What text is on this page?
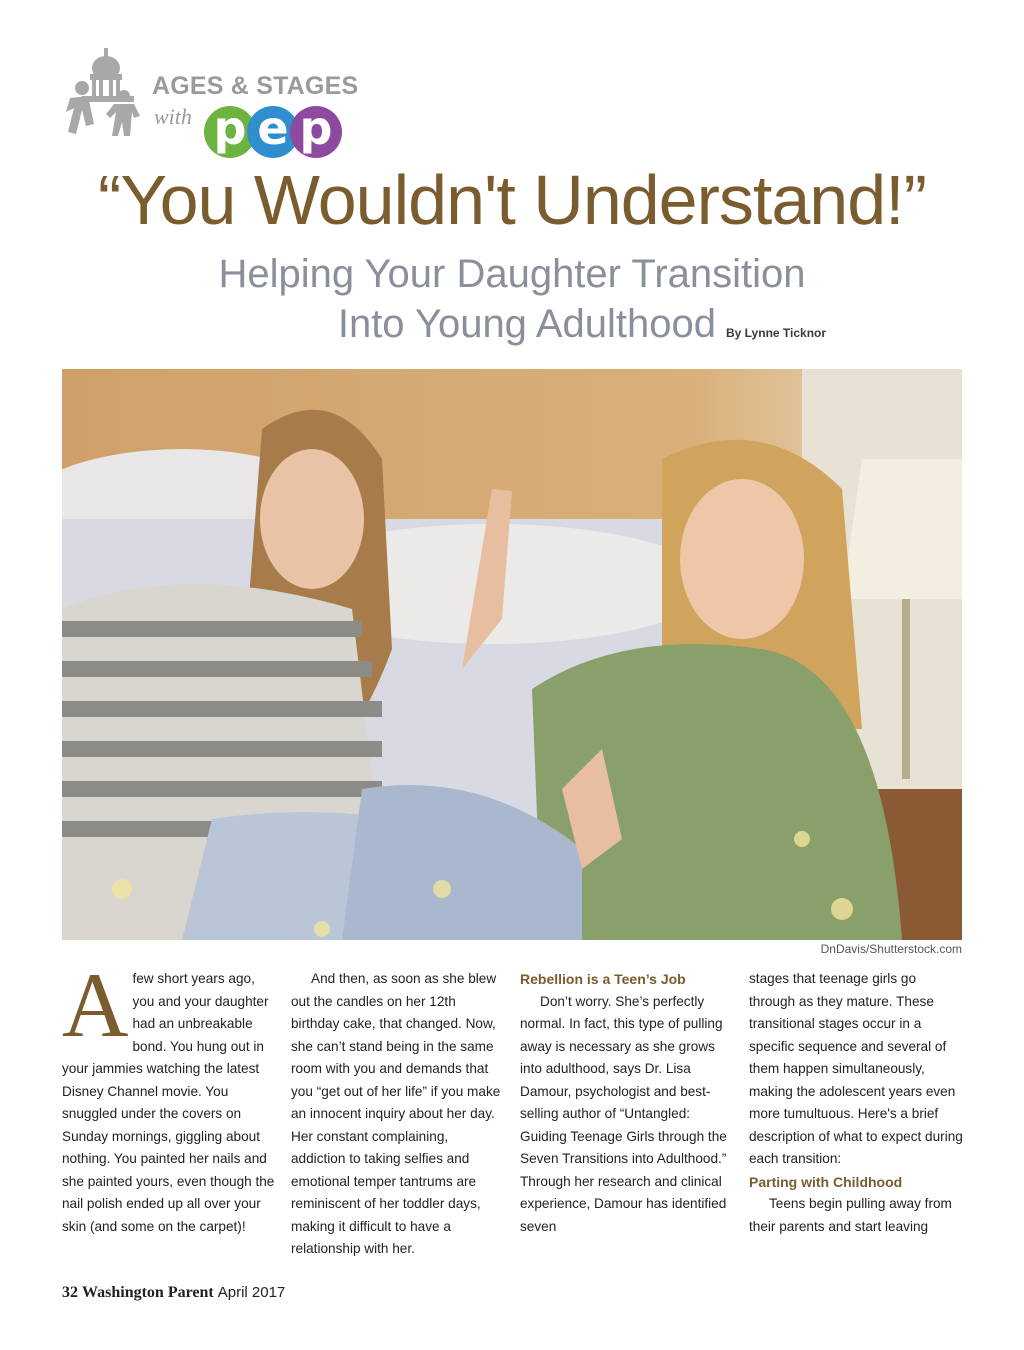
AGES & STAGES
with p e p
“You Wouldn't Understand!”
Helping Your Daughter Transition
Into Young Adulthood By Lynne Ticknor
DnDavis/Shutterstock.com
A few short years ago, you and your daughter had an unbreakable bond. You hung out in your jammies watching the latest Disney Channel movie. You snuggled under the covers on Sunday mornings, giggling about nothing. You painted her nails and she painted yours, even though the nail polish ended up all over your skin (and some on the carpet)!

And then, as soon as she blew out the candles on her 12th birthday cake, that changed. Now, she can’t stand being in the same room with you and demands that you “get out of her life” if you make an innocent inquiry about her day. Her constant complaining, addiction to taking selfies and emotional temper tantrums are reminiscent of her toddler days, making it difficult to have a relationship with her.

Rebellion is a Teen’s Job

Don’t worry. She’s perfectly normal. In fact, this type of pulling away is necessary as she grows into adulthood, says Dr. Lisa Damour, psychologist and best-selling author of “Untangled: Guiding Teenage Girls through the Seven Transitions into Adulthood.” Through her research and clinical experience, Damour has identified seven

stages that teenage girls go through as they mature. These transitional stages occur in a specific sequence and several of them happen simultaneously, making the adolescent years even more tumultuous. Here's a brief description of what to expect during each transition:

Parting with Childhood

Teens begin pulling away from their parents and start leaving

32 Washington Parent April 2017
